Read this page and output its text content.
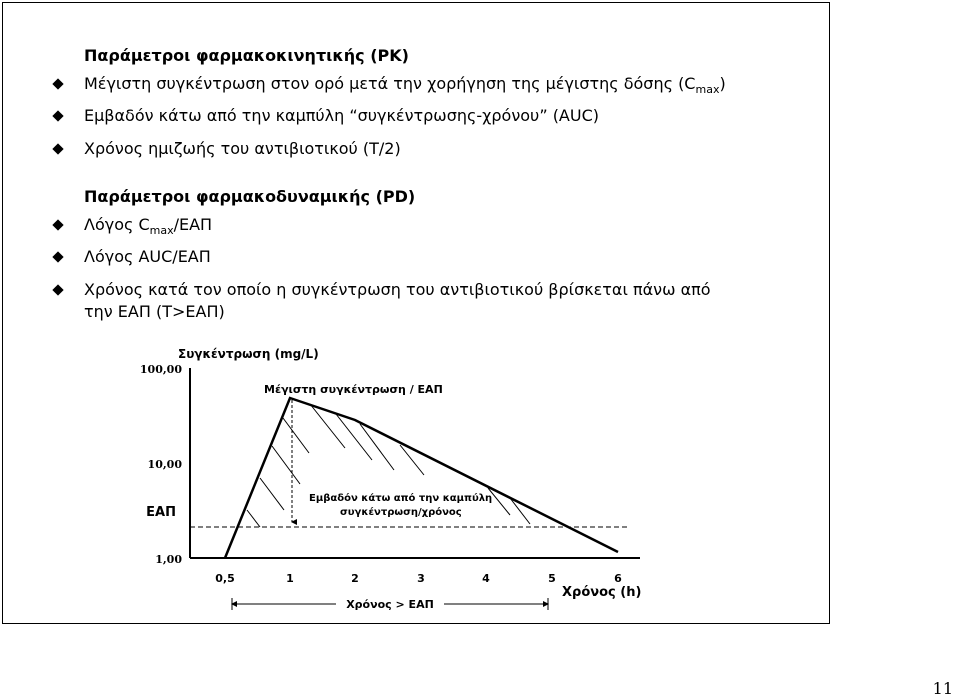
Παράμετροι φαρμακοκινητικής (PK)
Μέγιστη συγκέντρωση στον ορό μετά την χορήγηση της μέγιστης δόσης $(C_{max})$
Εμβαδόν κάτω από την καμπύλη “συγκέντρωσης-χρόνου” (AUC)
Χρόνος ημιζωής του αντιβιοτικού (T/2)
Παράμετροι φαρμακοδυναμικής (PD)
Λόγος $C_{max}$/ΕΑΠ
Λόγος AUC/ΕΑΠ
Χρόνος κατά τον οποίο η συγκέντρωση του αντιβιοτικού βρίσκεται πάνω από
την ΕΑΠ (T>ΕΑΠ)
100,00
10,00
1,00
ΕΑΠ
Συγκέντρωση (mg/L)
0,5	1	2	3	4	5	6
Χρόνος (h)
Μέγιστη συγκέντρωση / ΕΑΠ
Εμβαδόν κάτω από την καμπύλη
συγκέντρωση/χρόνος
Χρόνος > ΕΑΠ
11
